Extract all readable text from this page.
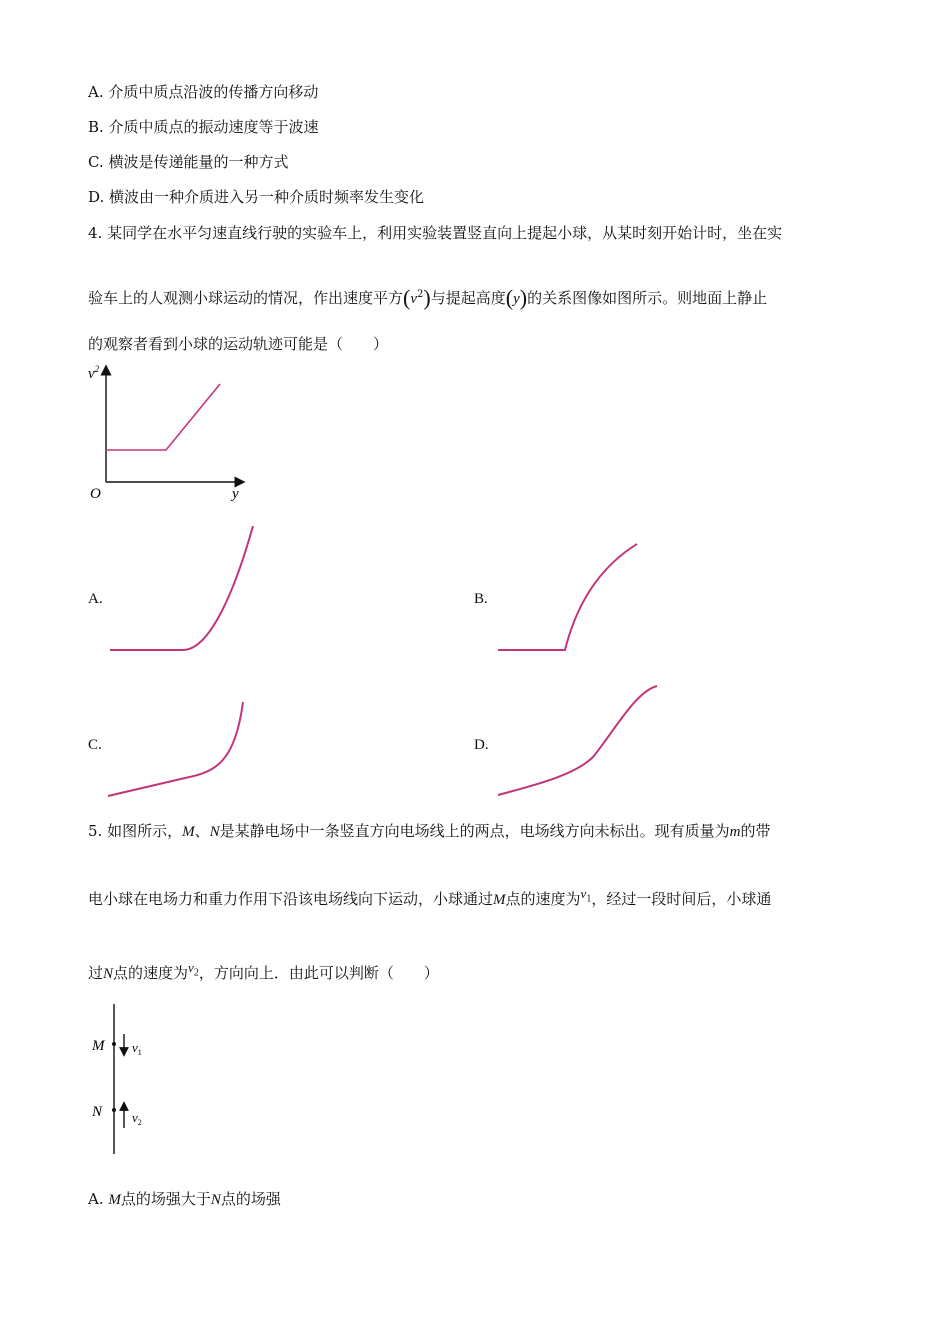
A. 介质中质点沿波的传播方向移动
B. 介质中质点的振动速度等于波速
C. 横波是传递能量的一种方式
D. 横波由一种介质进入另一种介质时频率发生变化
4. 某同学在水平匀速直线行驶的实验车上，利用实验装置竖直向上提起小球，从某时刻开始计时，坐在实
验车上的人观测小球运动的情况，作出速度平方$(v^2)$与提起高度(y)的关系图像如图所示。则地面上静止
的观察者看到小球的运动轨迹可能是（　　）
$v^2$
O	y
A.	B.
C.	D.
5. 如图所示，M、N是某静电场中一条竖直方向电场线上的两点，电场线方向未标出。现有质量为m的带
电小球在电场力和重力作用下沿该电场线向下运动，小球通过M点的速度为$^{v_1}$，经过一段时间后，小球通
过N点的速度为$^{v_2}$，方向向上．由此可以判断（　　）
M
N
$v_1$
$v_2$
A. M点的场强大于N点的场强
